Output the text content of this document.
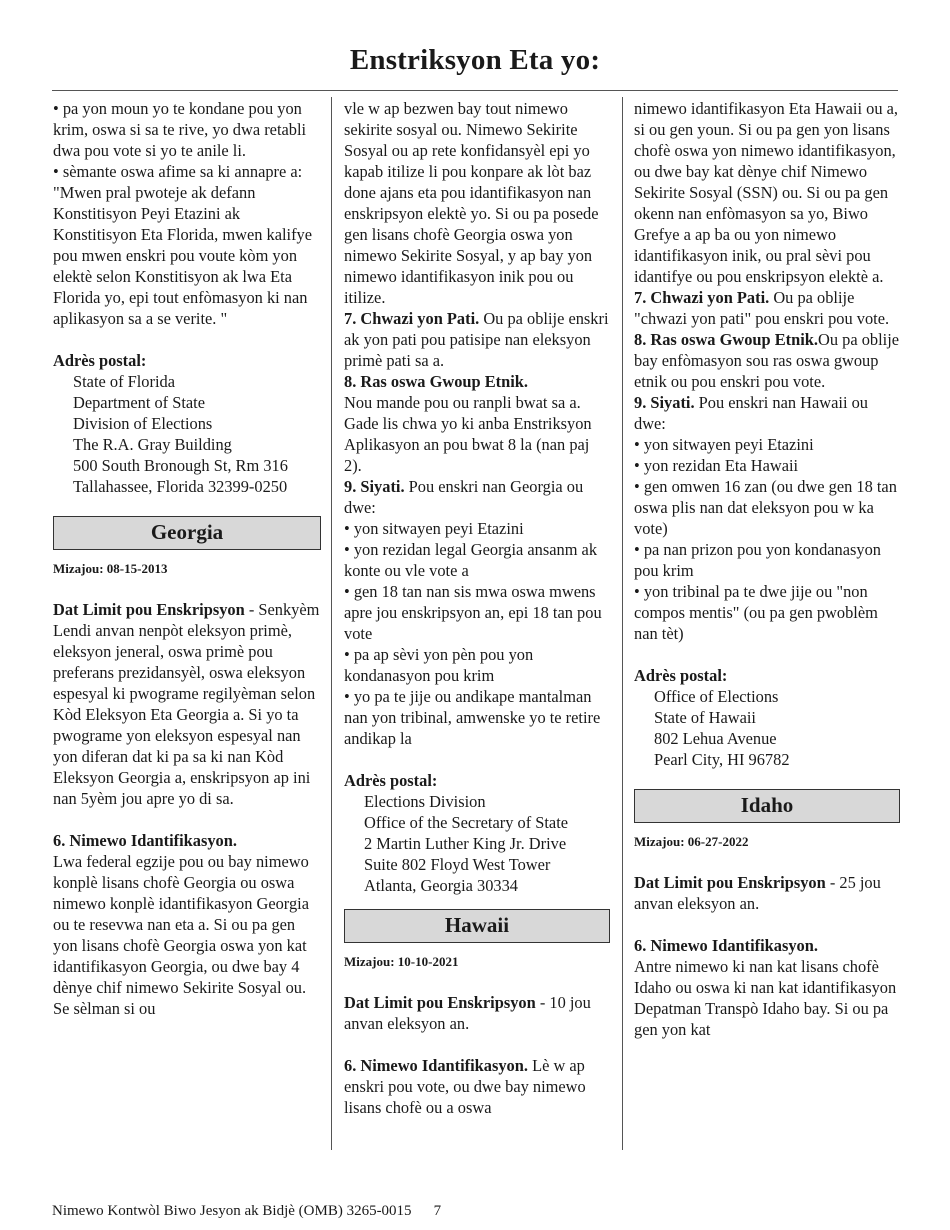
Enstriksyon Eta yo:

• pa yon moun yo te kondane pou yon krim, oswa si sa te rive, yo dwa retabli dwa pou vote si yo te anile li.

• sèmante oswa afime sa ki annapre a:

"Mwen pral pwoteje ak defann Konstitisyon Peyi Etazini ak Konstitisyon Eta Florida, mwen kalifye pou mwen enskri pou voute kòm yon elektè selon Konstitisyon ak lwa Eta Florida yo, epi tout enfòmasyon ki nan aplikasyon sa a se verite. "

Adrès postal:

State of Florida

Department of State

Division of Elections

The R.A. Gray Building

500 South Bronough St, Rm 316

Tallahassee, Florida 32399-0250

Georgia

Mizajou: 08-15-2013

Dat Limit pou Enskripsyon - Senkyèm Lendi anvan nenpòt eleksyon primè, eleksyon jeneral, oswa primè pou preferans prezidansyèl, oswa eleksyon espesyal ki pwograme regilyèman selon Kòd Eleksyon Eta Georgia a. Si yo ta pwograme yon eleksyon espesyal nan yon diferan dat ki pa sa ki nan Kòd Eleksyon Georgia a, enskripsyon ap ini nan 5yèm jou apre yo di sa.

6. Nimewo Idantifikasyon.

Lwa federal egzije pou ou bay nimewo konplè lisans chofè Georgia ou oswa nimewo konplè idantifikasyon Georgia ou te resevwa nan eta a. Si ou pa gen yon lisans chofè Georgia oswa yon kat idantifikasyon Georgia, ou dwe bay 4 dènye chif nimewo Sekirite Sosyal ou. Se sèlman si ou

vle w ap bezwen bay tout nimewo sekirite sosyal ou. Nimewo Sekirite Sosyal ou ap rete konfidansyèl epi yo kapab itilize li pou konpare ak lòt baz done ajans eta pou idantifikasyon nan enskripsyon elektè yo. Si ou pa posede gen lisans chofè Georgia oswa yon nimewo Sekirite Sosyal, y ap bay yon nimewo idantifikasyon inik pou ou itilize.

7. Chwazi yon Pati. Ou pa oblije enskri ak yon pati pou patisipe nan eleksyon primè pati sa a.

8. Ras oswa Gwoup Etnik.

Nou mande pou ou ranpli bwat sa a. Gade lis chwa yo ki anba Enstriksyon Aplikasyon an pou bwat 8 la (nan paj 2).

9. Siyati. Pou enskri nan Georgia ou dwe:

• yon sitwayen peyi Etazini

• yon rezidan legal Georgia ansanm ak konte ou vle vote a

• gen 18 tan nan sis mwa oswa mwens apre jou enskripsyon an, epi 18 tan pou vote

• pa ap sèvi yon pèn pou yon kondanasyon pou krim

• yo pa te jije ou andikape mantalman nan yon tribinal, amwenske yo te retire andikap la

Adrès postal:

Elections Division

Office of the Secretary of State

2 Martin Luther King Jr. Drive

Suite 802 Floyd West Tower

Atlanta, Georgia 30334

Hawaii

Mizajou: 10-10-2021

Dat Limit pou Enskripsyon - 10 jou anvan eleksyon an.

6. Nimewo Idantifikasyon. Lè w ap enskri pou vote, ou dwe bay nimewo lisans chofè ou a oswa

nimewo idantifikasyon Eta Hawaii ou a, si ou gen youn. Si ou pa gen yon lisans chofè oswa yon nimewo idantifikasyon, ou dwe bay kat dènye chif Nimewo Sekirite Sosyal (SSN) ou. Si ou pa gen okenn nan enfòmasyon sa yo, Biwo Grefye a ap ba ou yon nimewo idantifikasyon inik, ou pral sèvi pou idantifye ou pou enskripsyon elektè a.

7. Chwazi yon Pati. Ou pa oblije "chwazi yon pati" pou enskri pou vote.

8. Ras oswa Gwoup Etnik.Ou pa oblije bay enfòmasyon sou ras oswa gwoup etnik ou pou enskri pou vote.

9. Siyati. Pou enskri nan Hawaii ou dwe:

• yon sitwayen peyi Etazini

• yon rezidan Eta Hawaii

• gen omwen 16 zan (ou dwe gen 18 tan oswa plis nan dat eleksyon pou w ka vote)

• pa nan prizon pou yon kondanasyon pou krim

• yon tribinal pa te dwe jije ou "non compos mentis" (ou pa gen pwoblèm nan tèt)

Adrès postal:

Office of Elections

State of Hawaii

802 Lehua Avenue

Pearl City, HI 96782

Idaho

Mizajou: 06-27-2022

Dat Limit pou Enskripsyon - 25 jou anvan eleksyon an.

6. Nimewo Idantifikasyon.

Antre nimewo ki nan kat lisans chofè Idaho ou oswa ki nan kat idantifikasyon Depatman Transpò Idaho bay. Si ou pa gen yon kat

Nimewo Kontwòl Biwo Jesyon ak Bidjè (OMB) 3265-0015 7
